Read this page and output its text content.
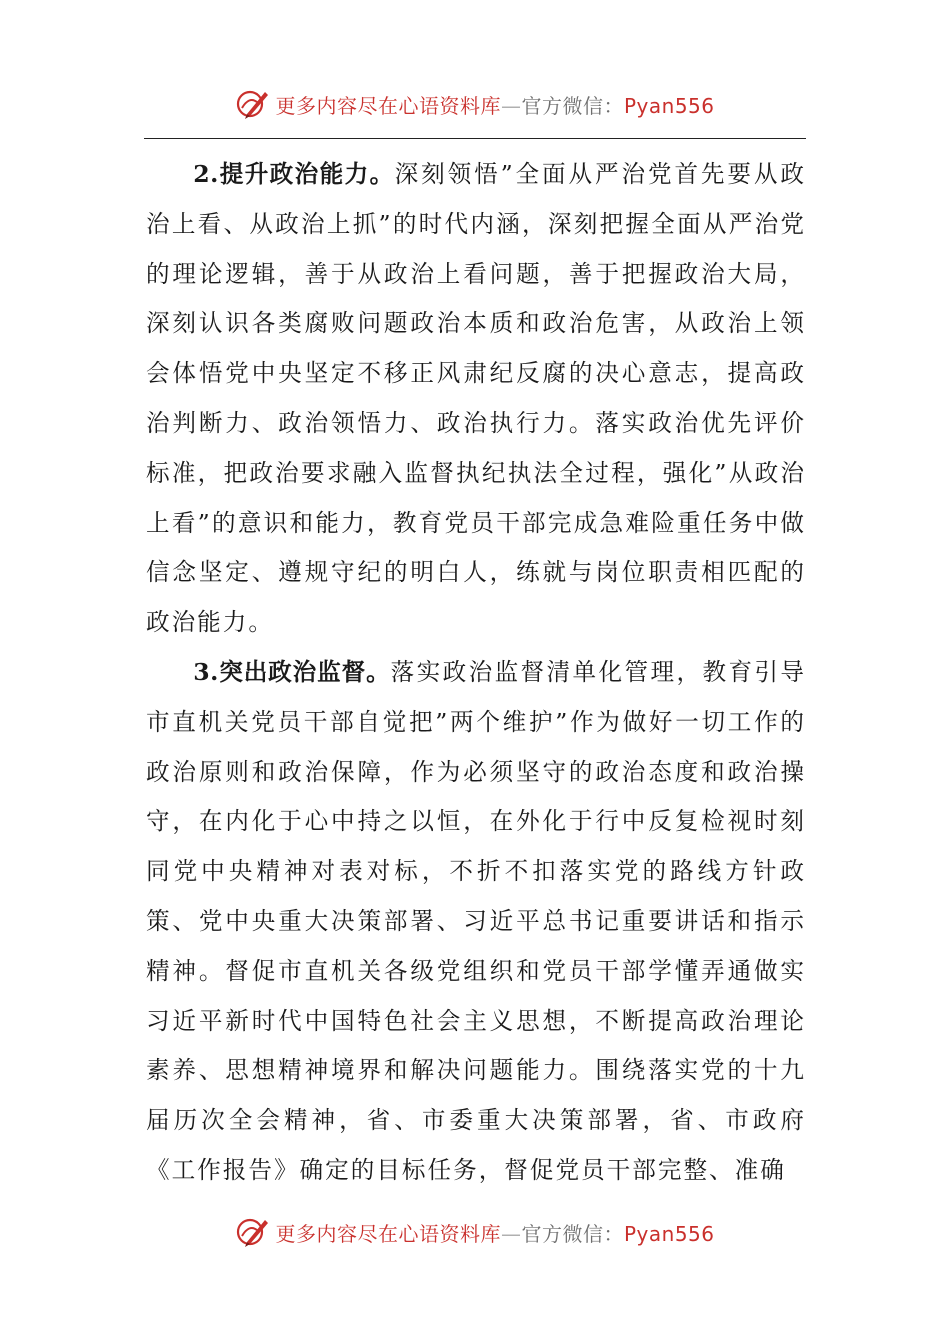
更多内容尽在心语资料库—官方微信：Pyan556

2.提升政治能力。深刻领悟”全面从严治党首先要从政治上看、从政治上抓”的时代内涵，深刻把握全面从严治党的理论逻辑，善于从政治上看问题，善于把握政治大局，深刻认识各类腐败问题政治本质和政治危害，从政治上领会体悟党中央坚定不移正风肃纪反腐的决心意志，提高政治判断力、政治领悟力、政治执行力。落实政治优先评价标准，把政治要求融入监督执纪执法全过程，强化”从政治上看”的意识和能力，教育党员干部完成急难险重任务中做信念坚定、遵规守纪的明白人，练就与岗位职责相匹配的政治能力。

3.突出政治监督。落实政治监督清单化管理，教育引导市直机关党员干部自觉把”两个维护”作为做好一切工作的政治原则和政治保障，作为必须坚守的政治态度和政治操守，在内化于心中持之以恒，在外化于行中反复检视时刻同党中央精神对表对标，不折不扣落实党的路线方针政策、党中央重大决策部署、习近平总书记重要讲话和指示精神。督促市直机关各级党组织和党员干部学懂弄通做实习近平新时代中国特色社会主义思想，不断提高政治理论素养、思想精神境界和解决问题能力。围绕落实党的十九届历次全会精神，省、市委重大决策部署，省、市政府《工作报告》确定的目标任务，督促党员干部完整、准确

更多内容尽在心语资料库—官方微信：Pyan556
